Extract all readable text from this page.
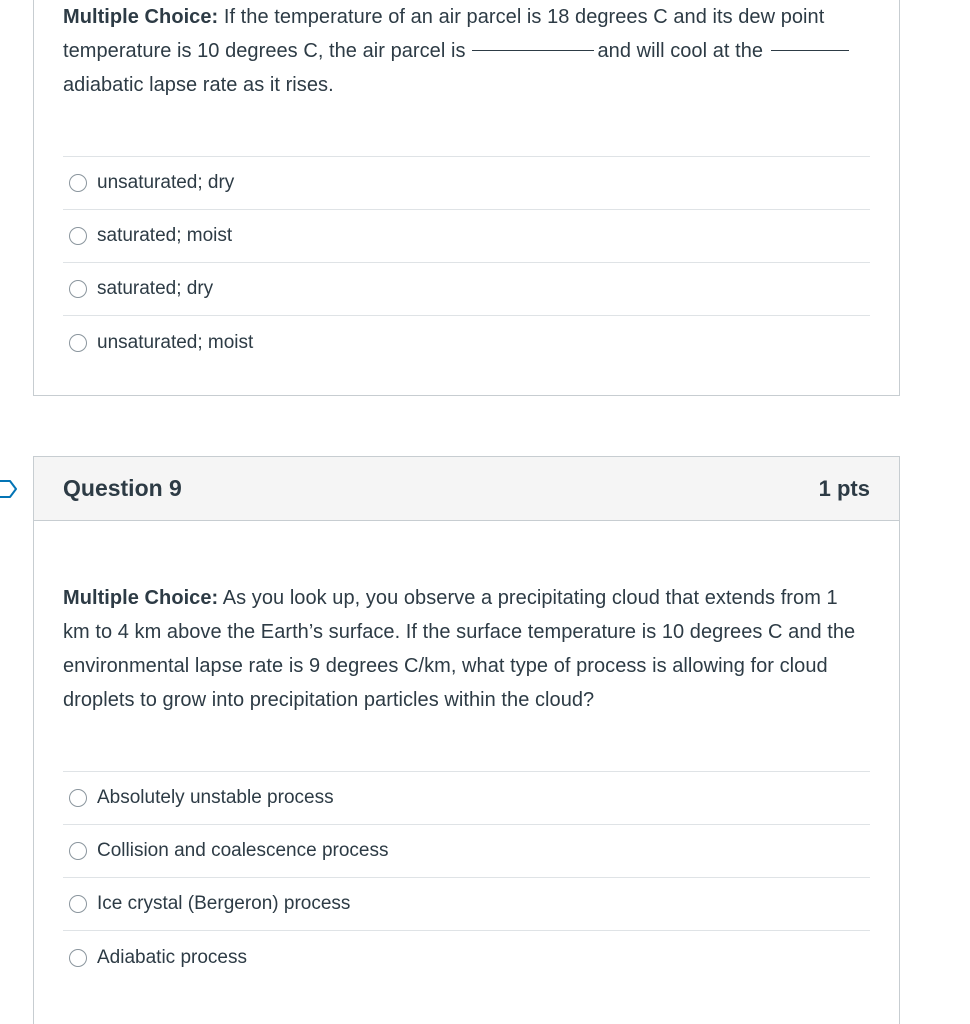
Multiple Choice: If the temperature of an air parcel is 18 degrees C and its dew point temperature is 10 degrees C, the air parcel is	and will cool at theadiabatic lapse rate as it rises.

unsaturated; dry
saturated; moist
saturated; dry
unsaturated; moist
Question 9	1 pts

Multiple Choice: As you look up, you observe a precipitating cloud that extends from 1 km to 4 km above the Earth’s surface. If the surface temperature is 10 degrees C and the environmental lapse rate is 9 degrees C/km, what type of process is allowing for cloud droplets to grow into precipitation particles within the cloud?

Absolutely unstable process
Collision and coalescence process
Ice crystal (Bergeron) process
Adiabatic process
